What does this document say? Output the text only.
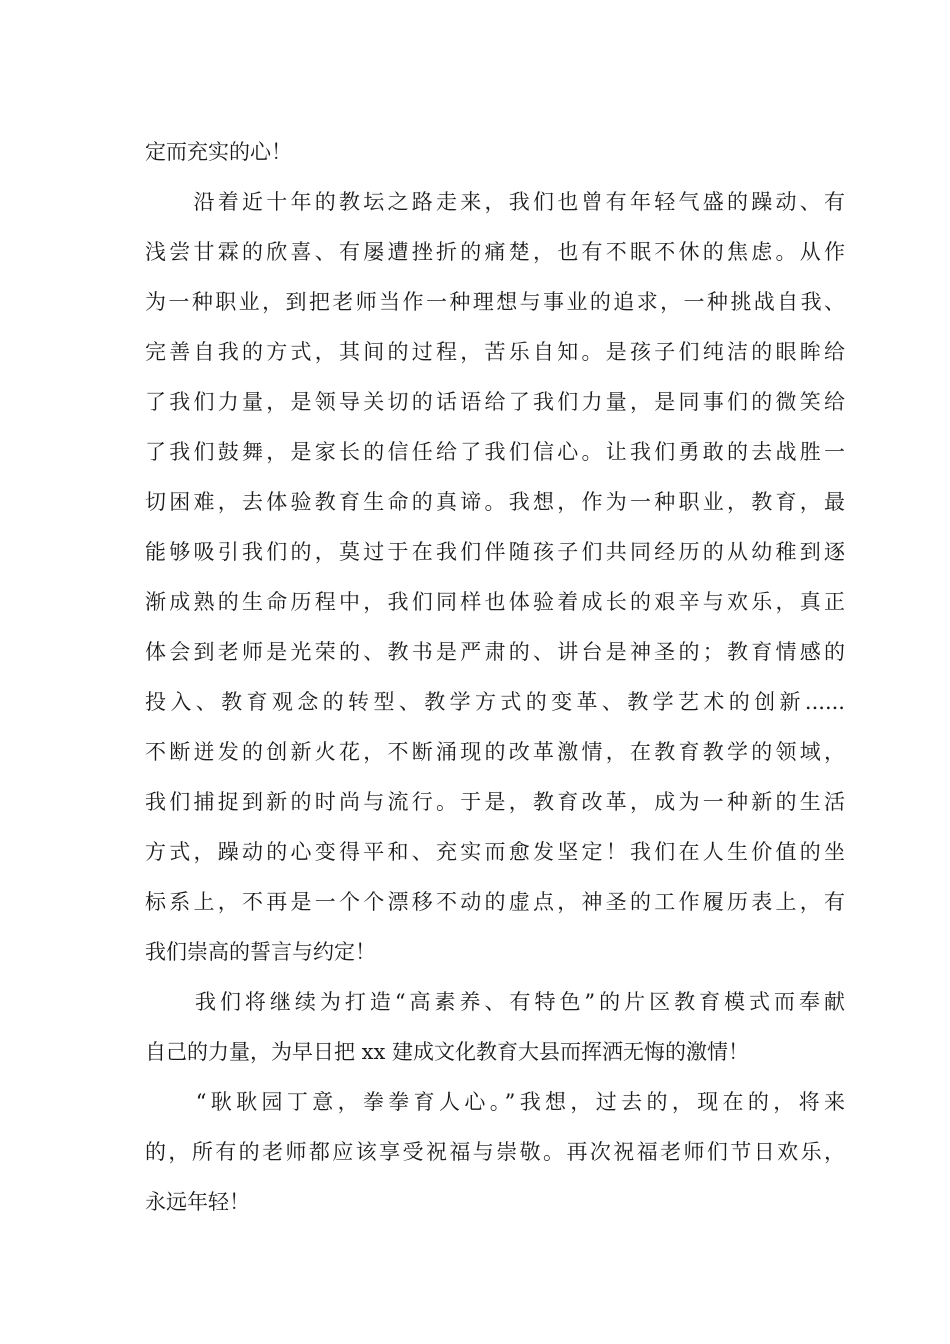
定而充实的心！
　　沿着近十年的教坛之路走来，我们也曾有年轻气盛的躁动、有
浅尝甘霖的欣喜、有屡遭挫折的痛楚，也有不眠不休的焦虑。从作
为一种职业，到把老师当作一种理想与事业的追求，一种挑战自我、
完善自我的方式，其间的过程，苦乐自知。是孩子们纯洁的眼眸给
了我们力量，是领导关切的话语给了我们力量，是同事们的微笑给
了我们鼓舞，是家长的信任给了我们信心。让我们勇敢的去战胜一
切困难，去体验教育生命的真谛。我想，作为一种职业，教育，最
能够吸引我们的，莫过于在我们伴随孩子们共同经历的从幼稚到逐
渐成熟的生命历程中，我们同样也体验着成长的艰辛与欢乐，真正
体会到老师是光荣的、教书是严肃的、讲台是神圣的；教育情感的
投入、教育观念的转型、教学方式的变革、教学艺术的创新......
不断迸发的创新火花，不断涌现的改革激情，在教育教学的领域，
我们捕捉到新的时尚与流行。于是，教育改革，成为一种新的生活
方式，躁动的心变得平和、充实而愈发坚定！我们在人生价值的坐
标系上，不再是一个个漂移不动的虚点，神圣的工作履历表上，有
我们崇高的誓言与约定！
　　我们将继续为打造“高素养、有特色”的片区教育模式而奉献
自己的力量，为早日把 xx 建成文化教育大县而挥洒无悔的激情！
　　“耿耿园丁意，拳拳育人心。”我想，过去的，现在的，将来
的，所有的老师都应该享受祝福与崇敬。再次祝福老师们节日欢乐，
永远年轻！
